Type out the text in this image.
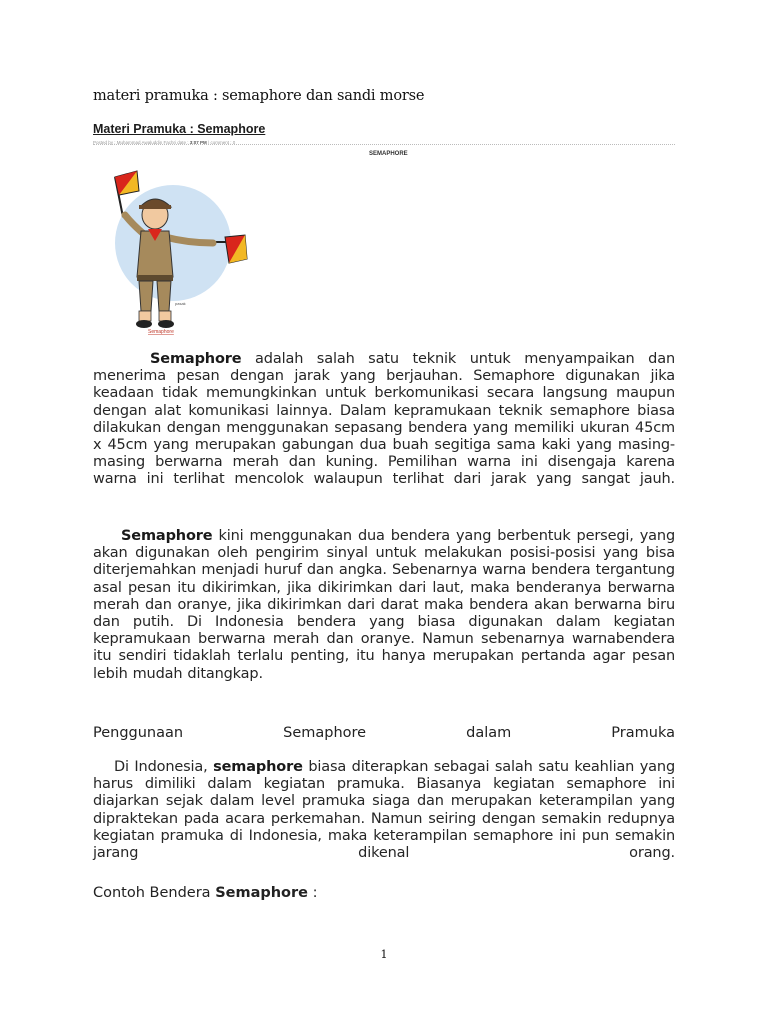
materi pramuka : semaphore dan sandi morse
Materi Pramuka : Semaphore
Posted by : Muhammad Awaluddin Fachri date : 3:07 PM | comment : 0
SEMAPHORE
pasak
Semaphore
Semaphore adalah salah satu teknik untuk menyampaikan dan menerima pesan dengan jarak yang berjauhan. Semaphore digunakan jika keadaan tidak memungkinkan untuk berkomunikasi secara langsung maupun dengan alat komunikasi lainnya. Dalam kepramukaan teknik semaphore biasa dilakukan dengan menggunakan sepasang bendera yang memiliki ukuran 45cm x 45cm yang merupakan gabungan dua buah segitiga sama kaki yang masing-masing berwarna merah dan kuning. Pemilihan warna ini disengaja karena warna ini terlihat mencolok walaupun terlihat dari jarak yang sangat jauh.
Semaphore kini menggunakan dua bendera yang berbentuk persegi, yang akan digunakan oleh pengirim sinyal untuk melakukan posisi-posisi yang bisa diterjemahkan menjadi huruf dan angka. Sebenarnya warna bendera tergantung asal pesan itu dikirimkan, jika dikirimkan dari laut, maka benderanya berwarna merah dan oranye, jika dikirimkan dari darat maka bendera akan berwarna biru dan putih. Di Indonesia bendera yang biasa digunakan dalam kegiatan kepramukaan berwarna merah dan oranye. Namun sebenarnya warnabendera itu sendiri tidaklah terlalu penting, itu hanya merupakan pertanda agar pesan lebih mudah ditangkap.
Penggunaan	Semaphore	dalam	Pramuka
Di Indonesia, semaphore biasa diterapkan sebagai salah satu keahlian yang harus dimiliki dalam kegiatan pramuka. Biasanya kegiatan semaphore ini diajarkan sejak dalam level pramuka siaga dan merupakan keterampilan yang dipraktekan pada acara perkemahan. Namun seiring dengan semakin redupnya kegiatan pramuka di Indonesia, maka keterampilan semaphore ini pun semakin jarang dikenal orang.
Contoh Bendera Semaphore :
1
